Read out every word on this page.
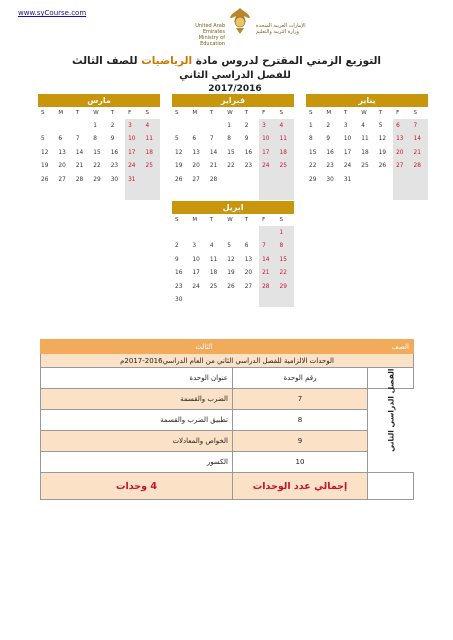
www.syCourse.com
United Arab Emirates
Ministry of Education
الإمارات العربية المتحدة
وزارة التربية والتعليم
التوزيع الزمني المقترح لدروس مادة الرياضيات للصف الثالث
للفصل الدراسي الثاني
2017/2016
يناير
S	M	T	W	T	F	S
1	2	3	4	5	6	7
8	9	10	11	12	13	14
15	16	17	18	19	20	21
22	23	24	25	26	27	28
29	30	31				

فبراير
S	M	T	W	T	F	S
			1	2	3	4
5	6	7	8	9	10	11
12	13	14	15	16	17	18
19	20	21	22	23	24	25
26	27	28				

مارس
S	M	T	W	T	F	S
			1	2	3	4
5	6	7	8	9	10	11
12	13	14	15	16	17	18
19	20	21	22	23	24	25
26	27	28	29	30	31	

ابريل
S	M	T	W	T	F	S
						1
2	3	4	5	6	7	8
9	10	11	12	13	14	15
16	17	18	19	20	21	22
23	24	25	26	27	28	29
30						
الثالث		الصف
الوحدات الالزامية للفصل الدراسي الثاني من العام الدراسي2016-2017م		
عنوان الوحدة	رقم الوحدة	الفصل الدراسي الثاني

الضرب والقسمة	7	
تطبيق الضرب والقسمة	8	
الخواص والمعادلات	9	
الكسور	10	
4 وحدات	إجمالي عدد الوحدات	
